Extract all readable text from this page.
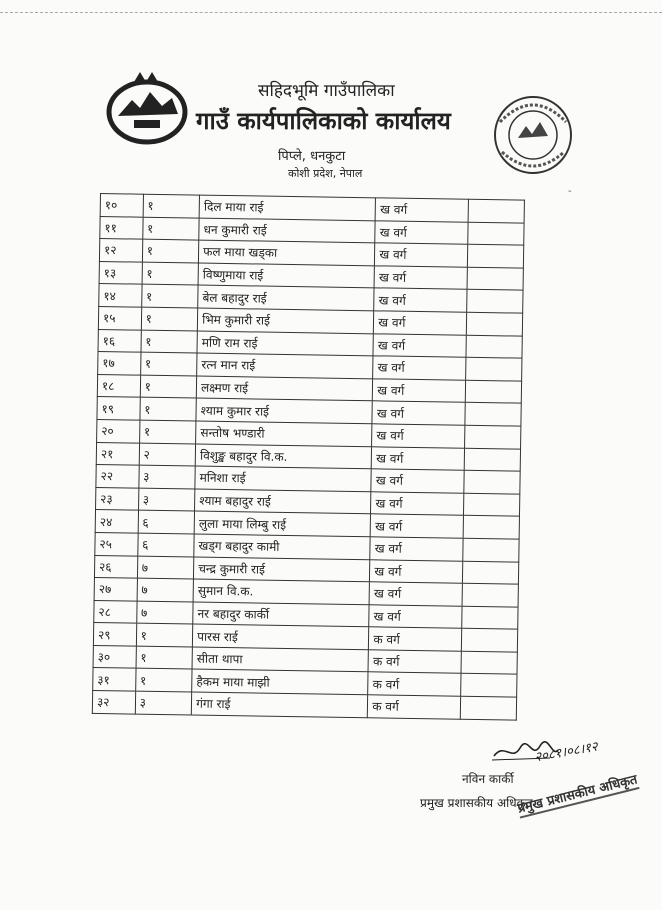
सहिदभूमि गाउँपालिका
गाउँ कार्यपालिकाको कार्यालय
पिप्ले, धनकुटा
कोशी प्रदेश, नेपाल
-
१०	१	दिल माया राई	ख वर्ग	
११	१	धन कुमारी राई	ख वर्ग	
१२	१	फल माया खड्का	ख वर्ग	
१३	१	विष्णुमाया राई	ख वर्ग	
१४	१	बेल बहादुर राई	ख वर्ग	
१५	१	भिम कुमारी राई	ख वर्ग	
१६	१	मणि राम राई	ख वर्ग	
१७	१	रत्न मान राई	ख वर्ग	
१८	१	लक्ष्मण राई	ख वर्ग	
१९	१	श्याम कुमार राई	ख वर्ग	
२०	१	सन्तोष भण्डारी	ख वर्ग	
२१	२	विशुङ्ख बहादुर वि.क.	ख वर्ग	
२२	३	मनिशा राई	ख वर्ग	
२३	३	श्याम बहादुर राई	ख वर्ग	
२४	६	लुला माया लिम्बु राई	ख वर्ग	
२५	६	खड्ग बहादुर कामी	ख वर्ग	
२६	७	चन्द्र कुमारी राई	ख वर्ग	
२७	७	सुमान वि.क.	ख वर्ग	
२८	७	नर बहादुर कार्की	ख वर्ग	
२९	१	पारस राई	क वर्ग	
३०	१	सीता थापा	क वर्ग	
३१	१	हैकम माया माझी	क वर्ग	
३२	३	गंगा राई	क वर्ग	
२०८१।०८।१२
नविन कार्की
प्रमुख प्रशासकीय अधिकृत
प्रमुख प्रशासकीय अधिकृत
